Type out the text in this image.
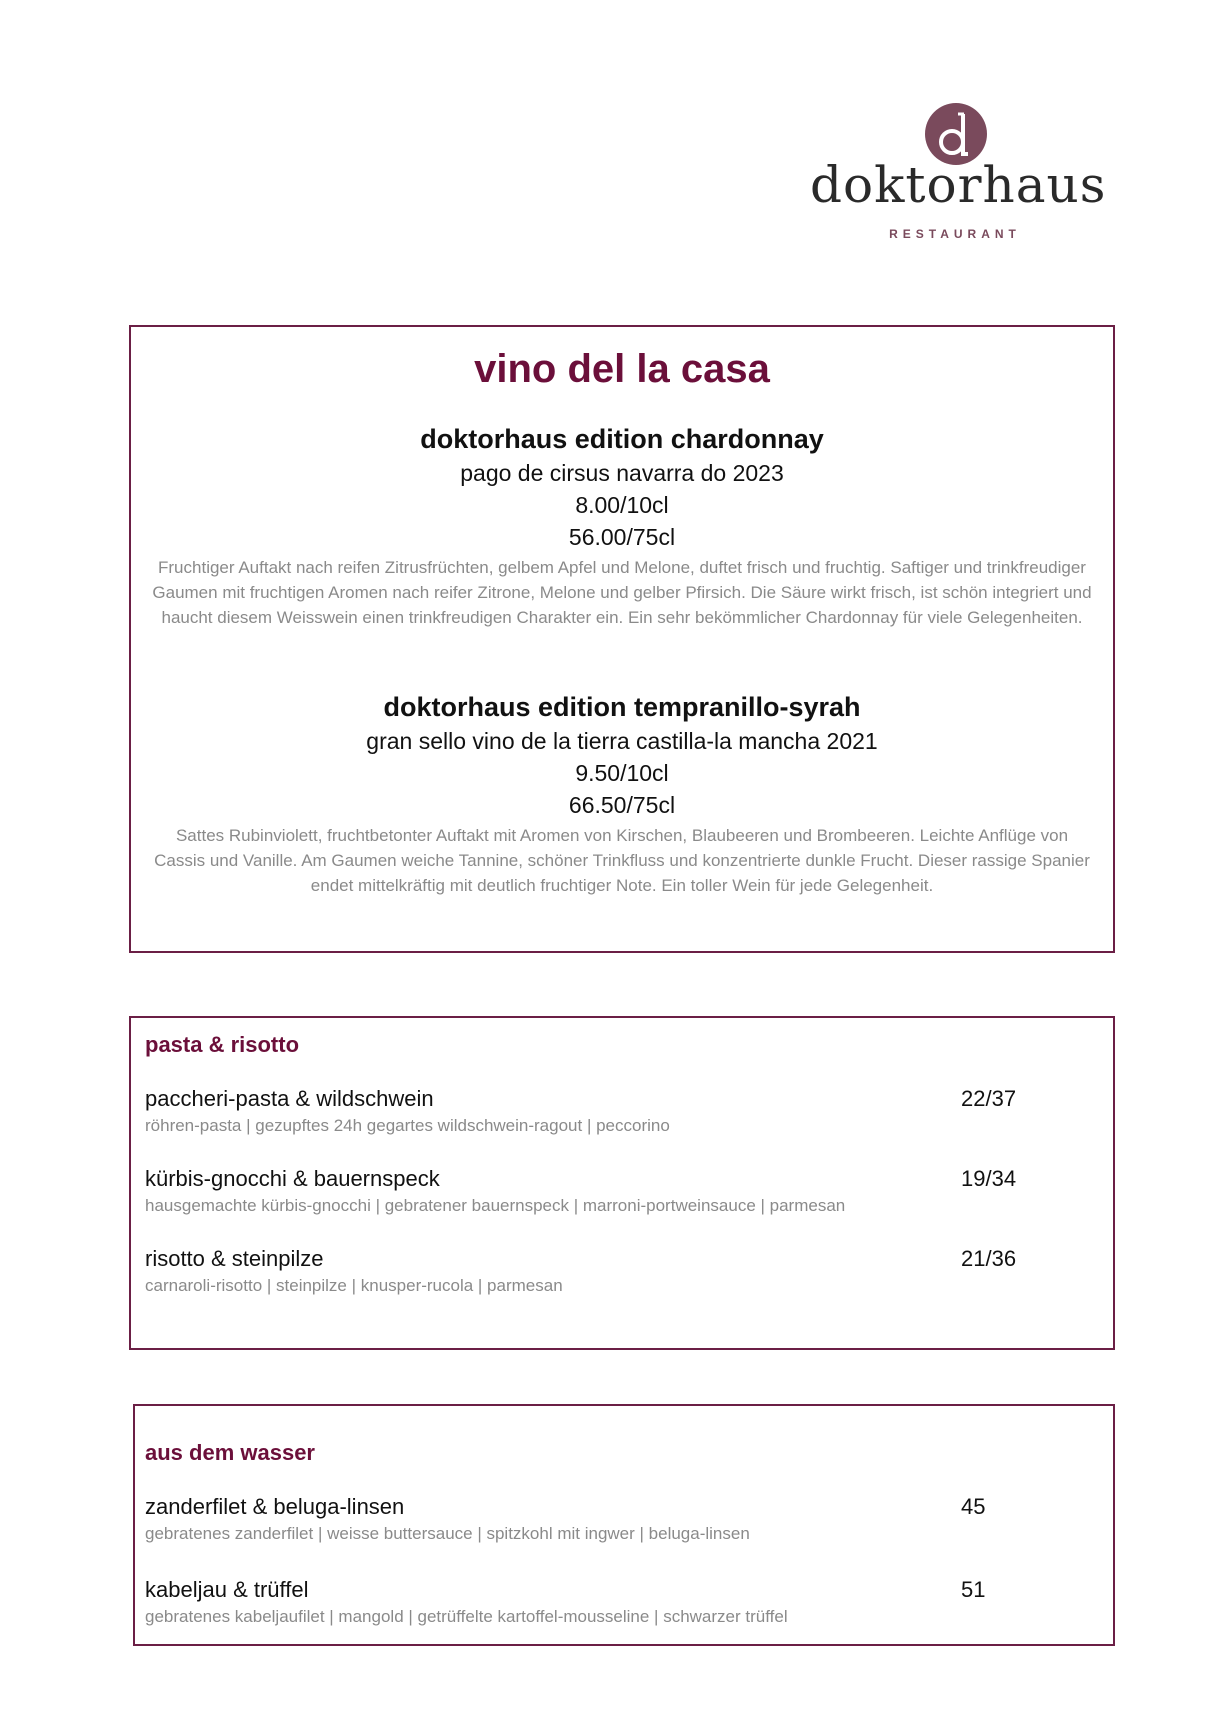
doktorhaus
RESTAURANT
vino del la casa
doktorhaus edition chardonnay
pago de cirsus navarra do 2023
8.00/10cl
56.00/75cl
Fruchtiger Auftakt nach reifen Zitrusfrüchten, gelbem Apfel und Melone, duftet frisch und fruchtig. Saftiger und trinkfreudiger Gaumen mit fruchtigen Aromen nach reifer Zitrone, Melone und gelber Pfirsich. Die Säure wirkt frisch, ist schön integriert und haucht diesem Weisswein einen trinkfreudigen Charakter ein. Ein sehr bekömmlicher Chardonnay für viele Gelegenheiten.
doktorhaus edition tempranillo-syrah
gran sello vino de la tierra castilla-la mancha 2021
9.50/10cl
66.50/75cl
Sattes Rubinviolett, fruchtbetonter Auftakt mit Aromen von Kirschen, Blaubeeren und Brombeeren. Leichte Anflüge von Cassis und Vanille. Am Gaumen weiche Tannine, schöner Trinkfluss und konzentrierte dunkle Frucht. Dieser rassige Spanier endet mittelkräftig mit deutlich fruchtiger Note. Ein toller Wein für jede Gelegenheit.
pasta & risotto
paccheri-pasta & wildschwein
röhren-pasta | gezupftes 24h gegartes wildschwein-ragout | peccorino
22/37
kürbis-gnocchi & bauernspeck
hausgemachte kürbis-gnocchi | gebratener bauernspeck | marroni-portweinsauce | parmesan
19/34
risotto & steinpilze
carnaroli-risotto | steinpilze | knusper-rucola | parmesan
21/36
aus dem wasser
zanderfilet & beluga-linsen
gebratenes zanderfilet | weisse buttersauce | spitzkohl mit ingwer | beluga-linsen
45
kabeljau & trüffel
gebratenes kabeljaufilet | mangold | getrüffelte kartoffel-mousseline | schwarzer trüffel
51
